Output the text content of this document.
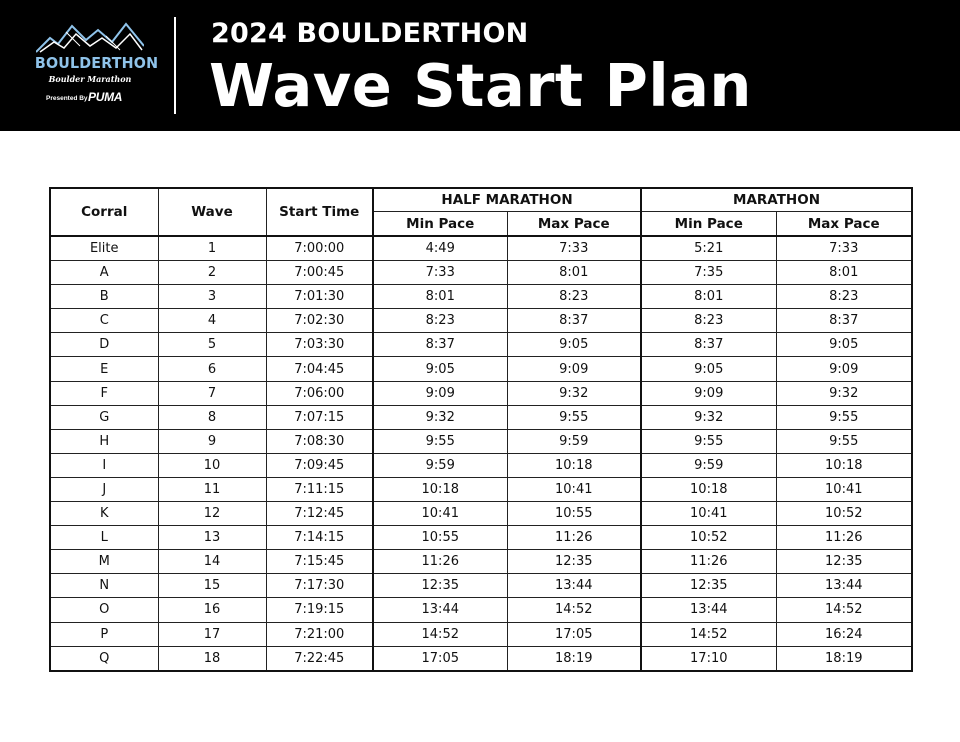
BOULDERTHON
Boulder Marathon
Presented By PUMA
2024 BOULDERTHON
Wave Start Plan
Corral	Wave	Start Time	HALF MARATHON		MARATHON	
			Min Pace	Max Pace	Min Pace	Max Pace
Elite	1	7:00:00	4:49	7:33	5:21	7:33
A	2	7:00:45	7:33	8:01	7:35	8:01
B	3	7:01:30	8:01	8:23	8:01	8:23
C	4	7:02:30	8:23	8:37	8:23	8:37
D	5	7:03:30	8:37	9:05	8:37	9:05
E	6	7:04:45	9:05	9:09	9:05	9:09
F	7	7:06:00	9:09	9:32	9:09	9:32
G	8	7:07:15	9:32	9:55	9:32	9:55
H	9	7:08:30	9:55	9:59	9:55	9:55
I	10	7:09:45	9:59	10:18	9:59	10:18
J	11	7:11:15	10:18	10:41	10:18	10:41
K	12	7:12:45	10:41	10:55	10:41	10:52
L	13	7:14:15	10:55	11:26	10:52	11:26
M	14	7:15:45	11:26	12:35	11:26	12:35
N	15	7:17:30	12:35	13:44	12:35	13:44
O	16	7:19:15	13:44	14:52	13:44	14:52
P	17	7:21:00	14:52	17:05	14:52	16:24
Q	18	7:22:45	17:05	18:19	17:10	18:19
